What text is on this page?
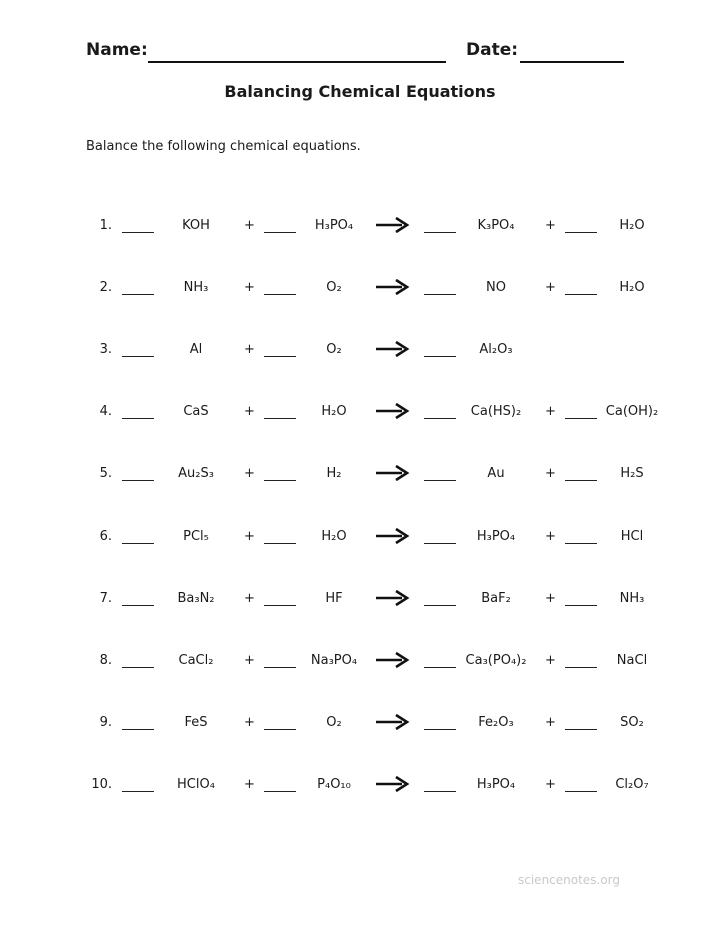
Name:	Date:
Balancing Chemical Equations
Balance the following chemical equations.
1.	KOH	+	H₃PO₄	K₃PO₄	+	H₂O
2.	NH₃	+	O₂	NO	+	H₂O
3.	Al	+	O₂	Al₂O₃
4.	CaS	+	H₂O	Ca(HS)₂	+	Ca(OH)₂
5.	Au₂S₃	+	H₂	Au	+	H₂S
6.	PCl₅	+	H₂O	H₃PO₄	+	HCl
7.	Ba₃N₂	+	HF	BaF₂	+	NH₃
8.	CaCl₂	+	Na₃PO₄	Ca₃(PO₄)₂	+	NaCl
9.	FeS	+	O₂	Fe₂O₃	+	SO₂
10.	HClO₄	+	P₄O₁₀	H₃PO₄	+	Cl₂O₇
sciencenotes.org
